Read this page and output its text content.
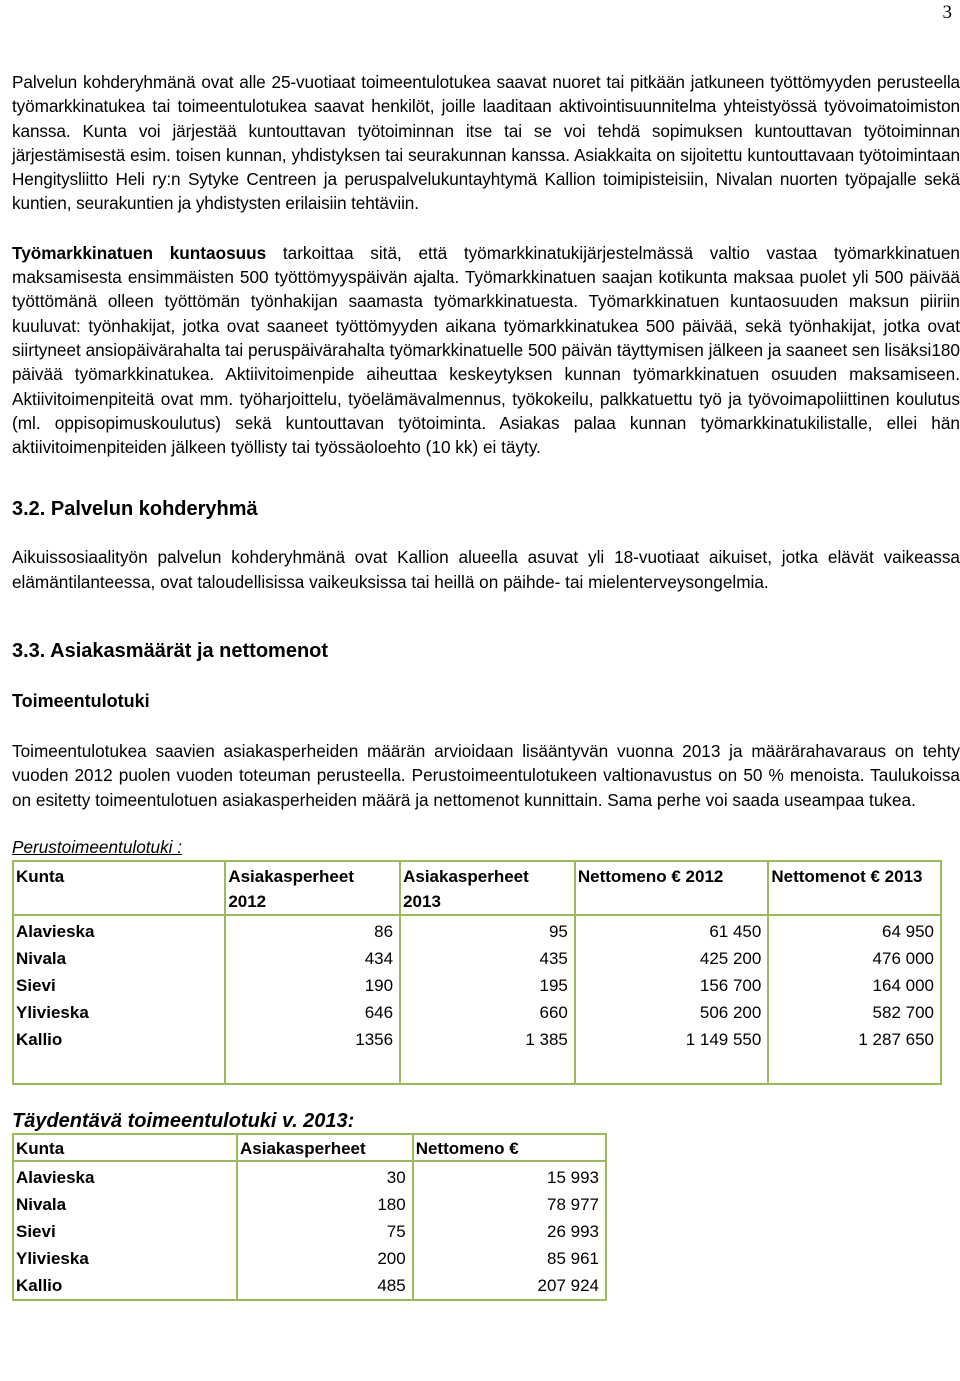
3

Palvelun kohderyhmänä ovat alle 25-vuotiaat toimeentulotukea saavat nuoret tai pitkään jatkuneen työttömyyden perusteella työmarkkinatukea tai toimeentulotukea saavat henkilöt, joille laaditaan aktivointisuunnitelma yhteistyössä työvoimatoimiston kanssa. Kunta voi järjestää kuntouttavan työtoiminnan itse tai se voi tehdä sopimuksen kuntouttavan työtoiminnan järjestämisestä esim. toisen kunnan, yhdistyksen tai seurakunnan kanssa. Asiakkaita on sijoitettu kuntouttavaan työtoimintaan Hengitysliitto Heli ry:n Sytyke Centreen ja peruspalvelukuntayhtymä Kallion toimipisteisiin, Nivalan nuorten työpajalle sekä kuntien, seurakuntien ja yhdistysten erilaisiin tehtäviin.

Työmarkkinatuen kuntaosuus tarkoittaa sitä, että työmarkkinatukijärjestelmässä valtio vastaa työmarkkinatuen maksamisesta ensimmäisten 500 työttömyyspäivän ajalta. Työmarkkinatuen saajan kotikunta maksaa puolet yli 500 päivää työttömänä olleen työttömän työnhakijan saamasta työmarkkinatuesta. Työmarkkinatuen kuntaosuuden maksun piiriin kuuluvat: työnhakijat, jotka ovat saaneet työttömyyden aikana työmarkkinatukea 500 päivää, sekä työnhakijat, jotka ovat siirtyneet ansiopäivärahalta tai peruspäivärahalta työmarkkinatuelle 500 päivän täyttymisen jälkeen ja saaneet sen lisäksi180 päivää työmarkkinatukea. Aktiivitoimenpide aiheuttaa keskeytyksen kunnan työmarkkinatuen osuuden maksamiseen. Aktiivitoimenpiteitä ovat mm. työharjoittelu, työelämävalmennus, työkokeilu, palkkatuettu työ ja työvoimapoliittinen koulutus (ml. oppisopimuskoulutus) sekä kuntouttavan työtoiminta. Asiakas palaa kunnan työmarkkinatukilistalle, ellei hän aktiivitoimenpiteiden jälkeen työllisty tai työssäoloehto (10 kk) ei täyty.

3.2. Palvelun kohderyhmä

Aikuissosiaalityön palvelun kohderyhmänä ovat Kallion alueella asuvat yli 18-vuotiaat aikuiset, jotka elävät vaikeassa elämäntilanteessa, ovat taloudellisissa vaikeuksissa tai heillä on päihde- tai mielenterveysongelmia.

3.3. Asiakasmäärät ja nettomenot
Toimeentulotuki

Toimeentulotukea saavien asiakasperheiden määrän arvioidaan lisääntyvän vuonna 2013 ja määrärahavaraus on tehty vuoden 2012 puolen vuoden toteuman perusteella. Perustoimeentulotukeen valtionavustus on 50 % menoista. Taulukoissa on esitetty toimeentulotuen asiakasperheiden määrä ja nettomenot kunnittain. Sama perhe voi saada useampaa tukea.

Perustoimeentulotuki :
Kunta	Asiakasperheet 2012	Asiakasperheet 2013	Nettomeno € 2012	Nettomenot € 2013
Alavieska	86	95	61 450	64 950
Nivala	434	435	425 200	476 000
Sievi	190	195	156 700	164 000
Ylivieska	646	660	506 200	582 700
Kallio	1356	1 385	1 149 550	1 287 650

Täydentävä toimeentulotuki v. 2013:
Kunta	Asiakasperheet	Nettomeno €
Alavieska	30	15 993
Nivala	180	78 977
Sievi	75	26 993
Ylivieska	200	85 961
Kallio	485	207 924
